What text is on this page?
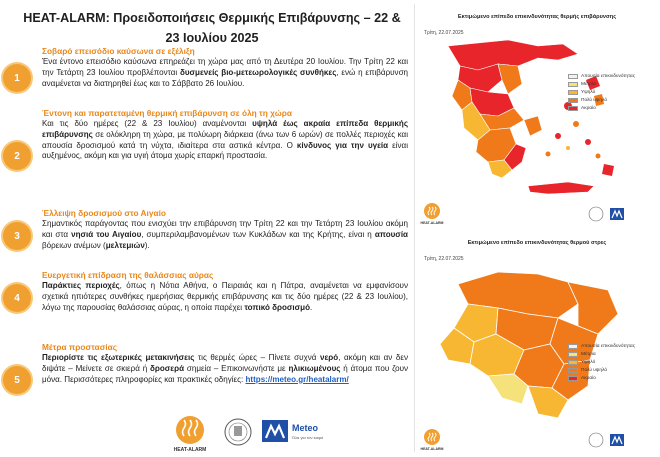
HEAT-ALARM: Προειδοποιήσεις Θερμικής Επιβάρυνσης – 22 & 23 Ιουλίου 2025
1
Σοβαρό επεισόδιο καύσωνα σε εξέλιξη
Ένα έντονο επεισόδιο καύσωνα επηρεάζει τη χώρα μας από τη Δευτέρα 20 Ιουλίου. Την Τρίτη 22 και την Τετάρτη 23 Ιουλίου προβλέπονται δυσμενείς βιο-μετεωρολογικές συνθήκες, ενώ η επιβάρυνση αναμένεται να διατηρηθεί έως και το Σάββατο 26 Ιουλίου.
2
Έντονη και παρατεταμένη θερμική επιβάρυνση σε όλη τη χώρα
Και τις δύο ημέρες (22 & 23 Ιουλίου) αναμένονται υψηλά έως ακραία επίπεδα θερμικής επιβάρυνσης σε ολόκληρη τη χώρα, με πολύωρη διάρκεια (άνω των 6 ωρών) σε πολλές περιοχές και απουσία δροσισμού κατά τη νύχτα, ιδιαίτερα στα αστικά κέντρα. Ο κίνδυνος για την υγεία είναι αυξημένος, ακόμη και για υγιή άτομα χωρίς επαρκή προστασία.
3
Έλλειψη δροσισμού στο Αιγαίο
Σημαντικός παράγοντας που ενισχύει την επιβάρυνση την Τρίτη 22 και την Τετάρτη 23 Ιουλίου ακόμη και στα νησιά του Αιγαίου, συμπεριλαμβανομένων των Κυκλάδων και της Κρήτης, είναι η απουσία βόρειων ανέμων (μελτεμιών).
4
Ευεργετική επίδραση της θαλάσσιας αύρας
Παράκτιες περιοχές, όπως η Νότια Αθήνα, ο Πειραιάς και η Πάτρα, αναμένεται να εμφανίσουν σχετικά ηπιότερες συνθήκες ημερήσιας θερμικής επιβάρυνσης και τις δύο ημέρες (22 & 23 Ιουλίου), λόγω της παρουσίας θαλάσσιας αύρας, η οποία παρέχει τοπικό δροσισμό.
5
Μέτρα προστασίας
Περιορίστε τις εξωτερικές μετακινήσεις τις θερμές ώρες – Πίνετε συχνά νερό, ακόμη και αν δεν διψάτε – Μείνετε σε σκιερά ή δροσερά σημεία – Επικοινωνήστε με ηλικιωμένους ή άτομα που ζουν μόνα. Περισσότερες πληροφορίες και πρακτικές οδηγίες: https://meteo.gr/heatalarm/
HEAT-ALARM
Meteo
Όλα για τον καιρό
Εκτιμώμενο επίπεδο επικινδυνότητας θερμής επιβάρυνσης
Τρίτη, 22.07.2025
Απουσία επικινδυνότητας
Μέτρια
Υψηλό
Πολύ υψηλό
Ακραίο
HEAT-ALARM
Εκτιμώμενο επίπεδο επικινδυνότητας θερμού στρες
Τρίτη, 22.07.2025
Απουσία επικινδυνότητας
Μέτρια
Υψηλό
Πολύ υψηλό
Ακραίο
HEAT-ALARM
